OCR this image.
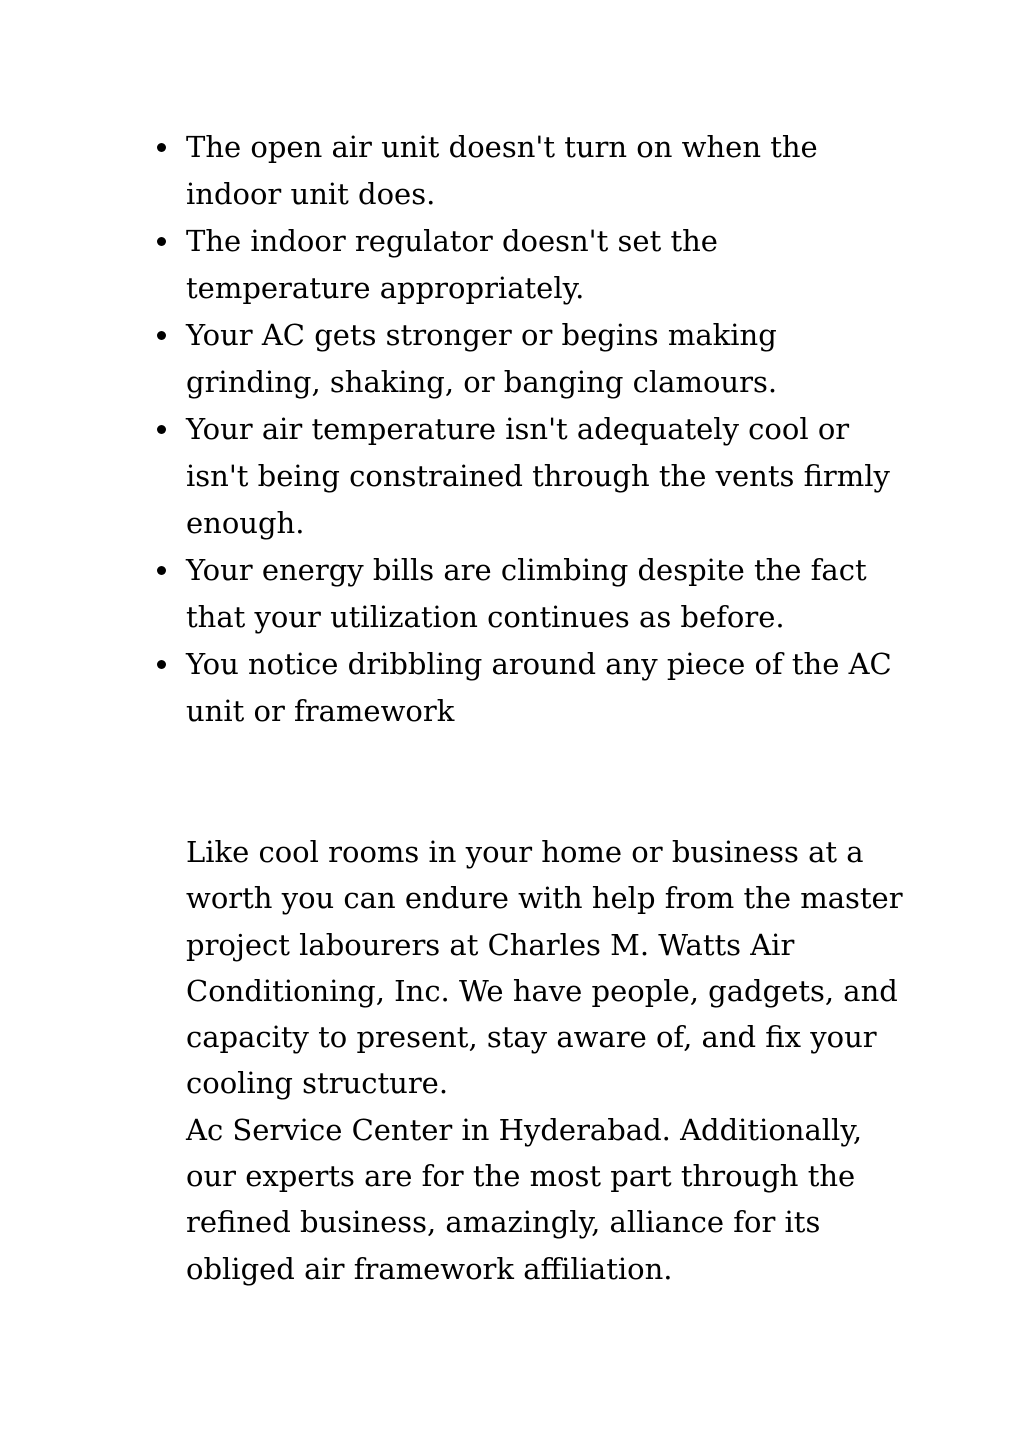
The open air unit doesn't turn on when the indoor unit does.
The indoor regulator doesn't set the temperature appropriately.
Your AC gets stronger or begins making grinding, shaking, or banging clamours.
Your air temperature isn't adequately cool or isn't being constrained through the vents firmly enough.
Your energy bills are climbing despite the fact that your utilization continues as before.
You notice dribbling around any piece of the AC unit or framework

Like cool rooms in your home or business at a worth you can endure with help from the master project labourers at Charles M. Watts Air Conditioning, Inc. We have people, gadgets, and capacity to present, stay aware of, and fix your cooling structure.

Ac Service Center in Hyderabad. Additionally, our experts are for the most part through the refined business, amazingly, alliance for its obliged air framework affiliation.
